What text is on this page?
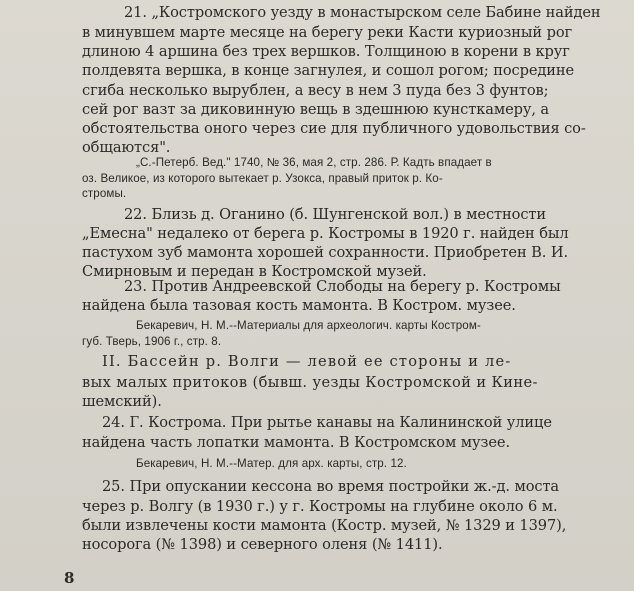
21. „Костромского уезду в монастырском селе Бабине найден

в минувшем марте месяце на берегу реки Касти куриозный рог

длиною 4 аршина без трех вершков. Толщиною в корени в круг

полдевята вершка, в конце загнулея, и сошол рогом; посредине

сгиба несколько вырублен, а весу в нем 3 пуда без 3 фунтов;

сей рог вазт за диковинную вещь в здешнюю кунсткамеру, а

обстоятельства оного через сие для публичного удовольствия со-

общаются".

„С.-Петерб. Вед." 1740, № 36, мая 2, стр. 286. Р. Кадть впадает в

оз. Великое, из которого вытекает р. Узокса, правый приток р. Ко-

стромы.

22. Близь д. Оганино (б. Шунгенской вол.) в местности

„Емесна" недалеко от берега р. Костромы в 1920 г. найден был

пастухом зуб мамонта хорошей сохранности. Приобретен В. И.

Смирновым и передан в Костромской музей.

23. Против Андреевской Слободы на берегу р. Костромы

найдена была тазовая кость мамонта. В Костром. музее.

Бекаревич, Н. М.--Материалы для археологич. карты Костром-

губ. Тверь, 1906 г., стр. 8.

II. Бассейн р. Волги — левой ее стороны и ле-

вых малых притоков (бывш. уезды Костромской и Кине-

шемский).

24. Г. Кострома. При рытье канавы на Калининской улице

найдена часть лопатки мамонта. В Костромском музее.

Бекаревич, Н. М.--Матер. для арх. карты, стр. 12.

25. При опускании кессона во время постройки ж.-д. моста

через р. Волгу (в 1930 г.) у г. Костромы на глубине около 6 м.

были извлечены кости мамонта (Костр. музей, № 1329 и 1397),

носорога (№ 1398) и северного оленя (№ 1411).

8
